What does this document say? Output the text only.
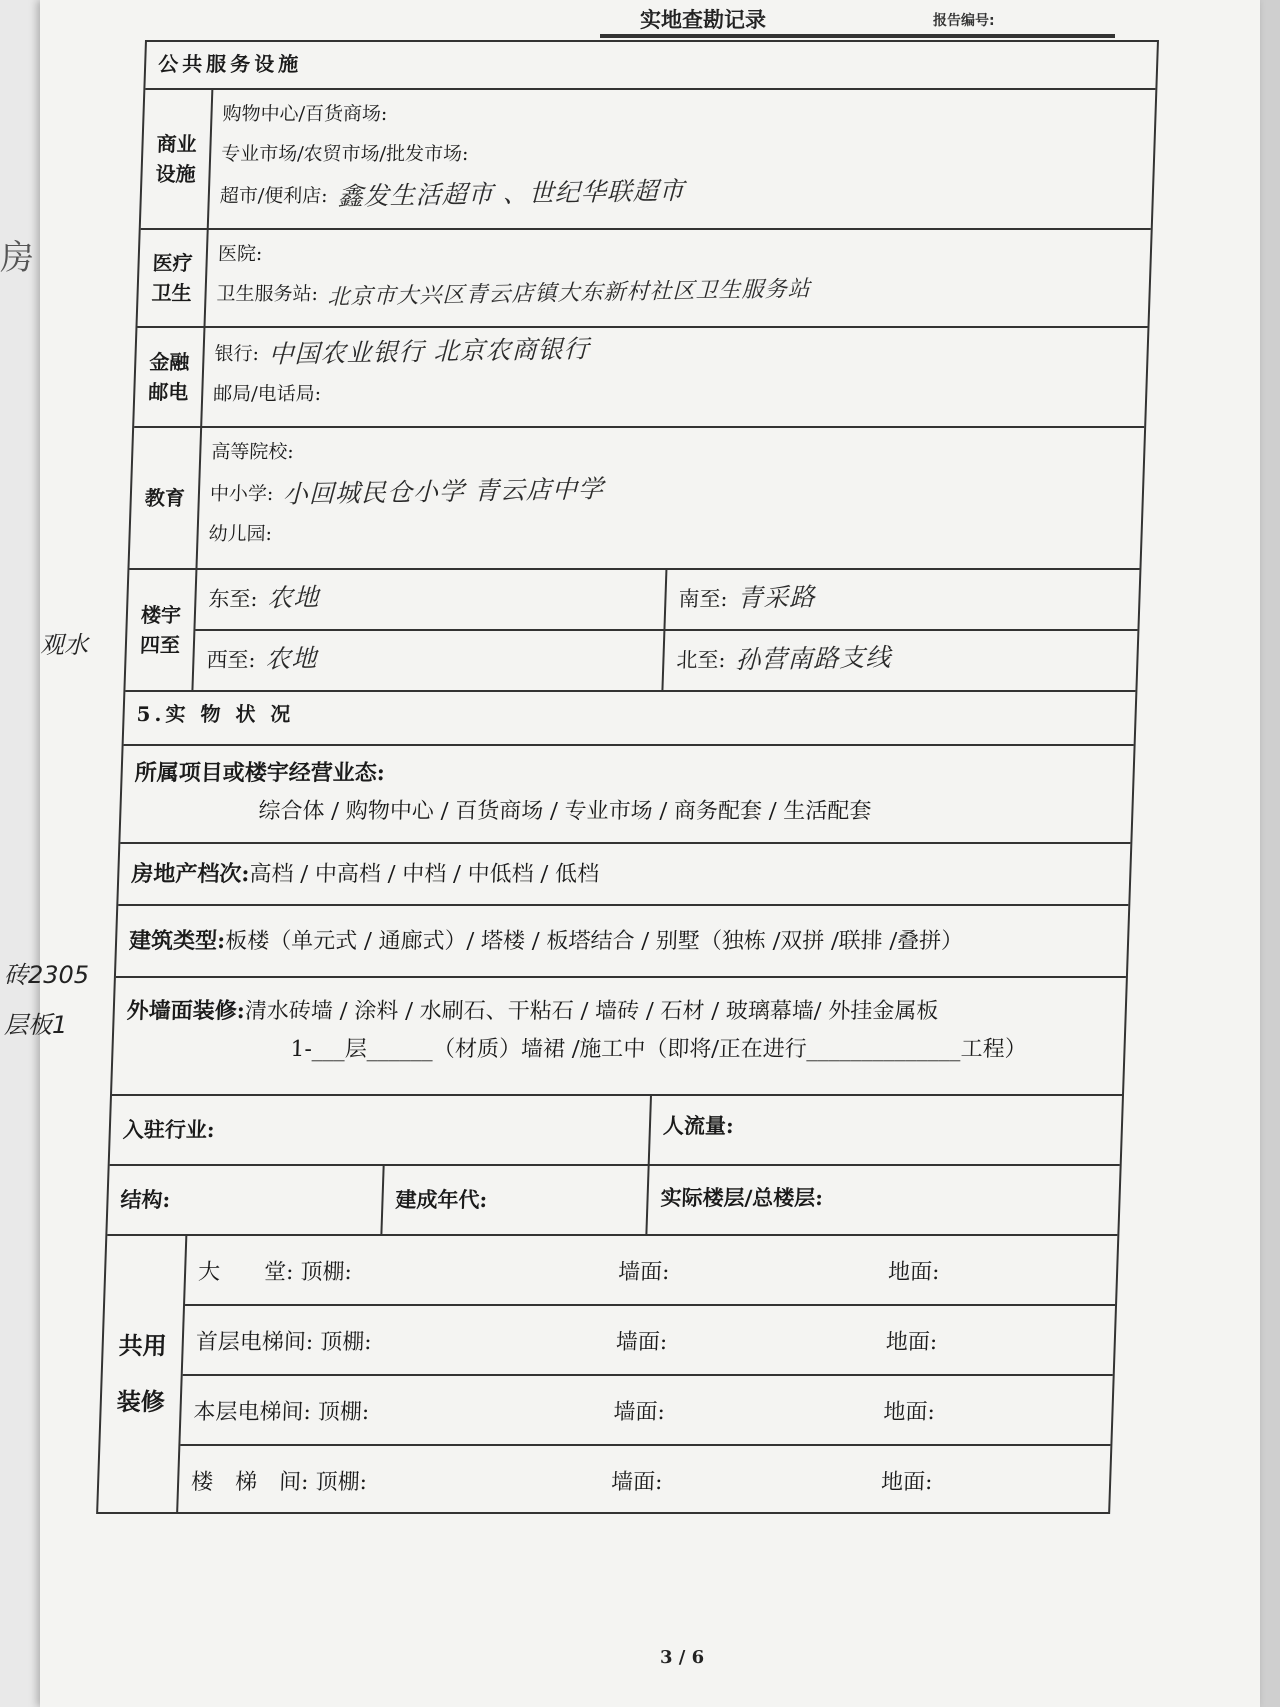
房
实地查勘记录	报告编号:
公共服务设施
商业设施
购物中心/百货商场:
专业市场/农贸市场/批发市场:
超市/便利店: 鑫发生活超市 、世纪华联超市
医疗卫生
医院:
卫生服务站: 北京市大兴区青云店镇大东新村社区卫生服务站
金融邮电
银行: 中国农业银行 北京农商银行
邮局/电话局:
教育
高等院校:
中小学: 小回城民仓小学 青云店中学
幼儿园:
楼宇四至
东至: 农地	南至: 青采路
西至: 农地	北至: 孙营南路支线
5.实 物 状 况
所属项目或楼宇经营业态:
综合体 / 购物中心 / 百货商场 / 专业市场 / 商务配套 / 生活配套
房地产档次:高档 / 中高档 / 中档 / 中低档 / 低档
建筑类型:板楼（单元式 / 通廊式）/ 塔楼 / 板塔结合 / 别墅（独栋 /双拼 /联排 /叠拼）
外墙面装修:清水砖墙 / 涂料 / 水刷石、干粘石 / 墙砖 / 石材 / 玻璃幕墙/ 外挂金属板
1-___层______（材质）墙裙 /施工中（即将/正在进行______________工程）
入驻行业:	人流量:
结构:	建成年代:	实际楼层/总楼层:
共用装修
大　　堂: 顶棚:	墙面:	地面:
首层电梯间: 顶棚:	墙面:	地面:
本层电梯间: 顶棚:	墙面:	地面:
楼　梯　间: 顶棚:	墙面:	地面:
观水
砖2305
层板1
3 / 6
